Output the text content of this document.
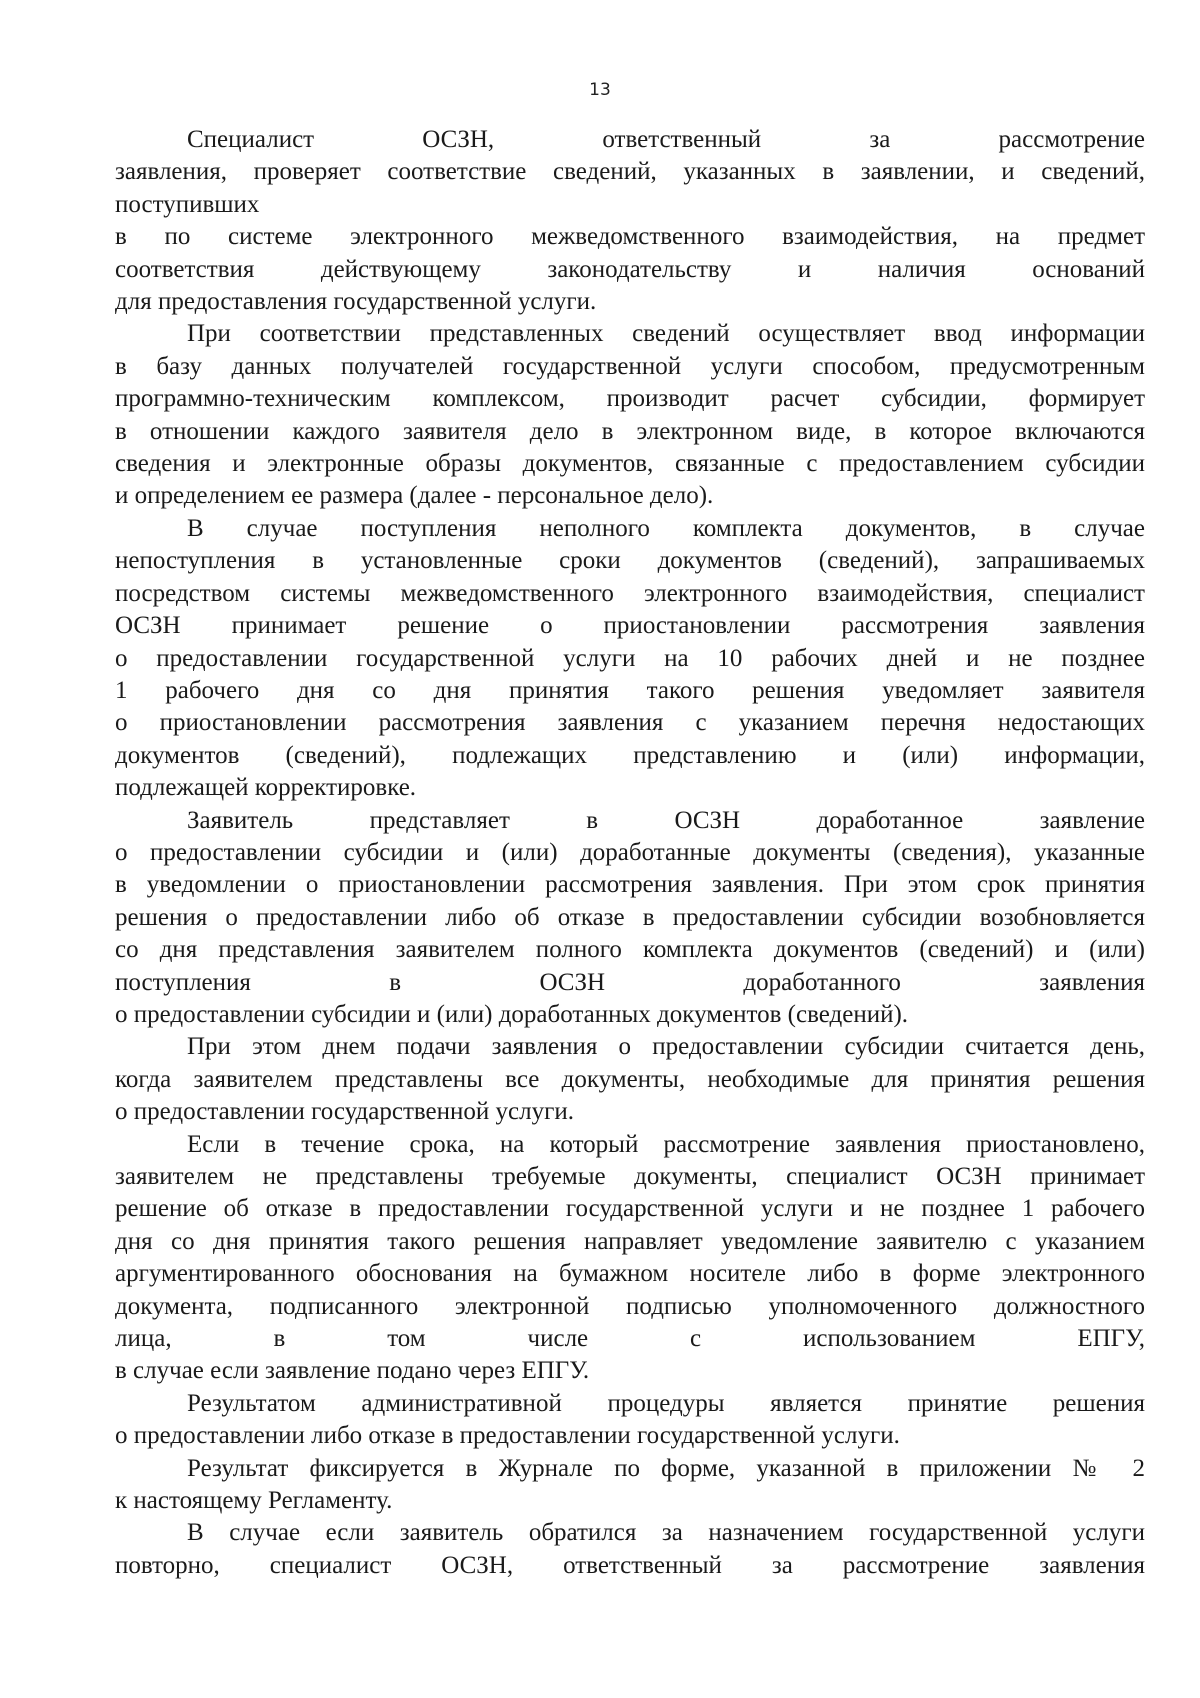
13

Специалист ОСЗН, ответственный за рассмотрение
заявления, проверяет соответствие сведений, указанных в заявлении, и сведений,
поступивших
в по системе электронного межведомственного взаимодействия, на предмет
соответствия действующему законодательству и наличия оснований
для предоставления государственной услуги.

При соответствии представленных сведений осуществляет ввод информации
в базу данных получателей государственной услуги способом, предусмотренным
программно-техническим комплексом, производит расчет субсидии, формирует
в отношении каждого заявителя дело в электронном виде, в которое включаются
сведения и электронные образы документов, связанные с предоставлением субсидии
и определением ее размера (далее - персональное дело).

В случае поступления неполного комплекта документов, в случае
непоступления в установленные сроки документов (сведений), запрашиваемых
посредством системы межведомственного электронного взаимодействия, специалист
ОСЗН принимает решение о приостановлении рассмотрения заявления
о предоставлении государственной услуги на 10 рабочих дней и не позднее
1 рабочего дня со дня принятия такого решения уведомляет заявителя
о приостановлении рассмотрения заявления с указанием перечня недостающих
документов (сведений), подлежащих представлению и (или) информации,
подлежащей корректировке.

Заявитель представляет в ОСЗН доработанное заявление
о предоставлении субсидии и (или) доработанные документы (сведения), указанные
в уведомлении о приостановлении рассмотрения заявления. При этом срок принятия
решения о предоставлении либо об отказе в предоставлении субсидии возобновляется
со дня представления заявителем полного комплекта документов (сведений) и (или)
поступления в ОСЗН доработанного заявления
о предоставлении субсидии и (или) доработанных документов (сведений).

При этом днем подачи заявления о предоставлении субсидии считается день,
когда заявителем представлены все документы, необходимые для принятия решения
о предоставлении государственной услуги.

Если в течение срока, на который рассмотрение заявления приостановлено,
заявителем не представлены требуемые документы, специалист ОСЗН принимает
решение об отказе в предоставлении государственной услуги и не позднее 1 рабочего
дня со дня принятия такого решения направляет уведомление заявителю с указанием
аргументированного обоснования на бумажном носителе либо в форме электронного
документа, подписанного электронной подписью уполномоченного должностного
лица, в том числе с использованием ЕПГУ,
в случае если заявление подано через ЕПГУ.

Результатом административной процедуры является принятие решения
о предоставлении либо отказе в предоставлении государственной услуги.

Результат фиксируется в Журнале по форме, указанной в приложении № 2
к настоящему Регламенту.

В случае если заявитель обратился за назначением государственной услуги
повторно, специалист ОСЗН, ответственный за рассмотрение заявления
